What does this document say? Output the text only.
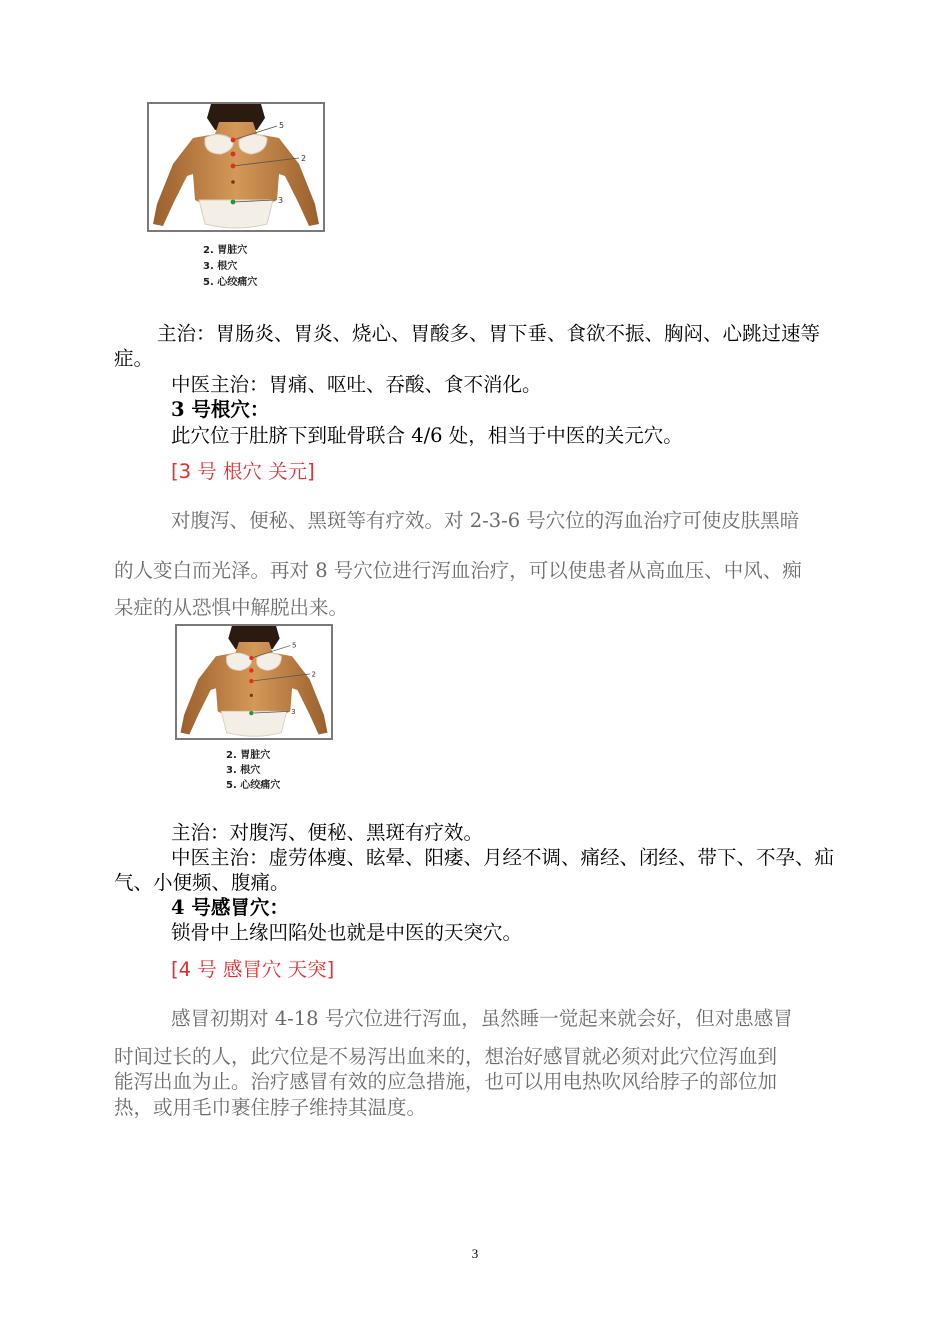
5
2
3
2. 胃脏穴
3. 根穴
5. 心绞痛穴
主治：胃肠炎、胃炎、烧心、胃酸多、胃下垂、食欲不振、胸闷、心跳过速等
症。
中医主治：胃痛、呕吐、吞酸、食不消化。
3 号根穴：
此穴位于肚脐下到耻骨联合 4/6 处，相当于中医的关元穴。
[3 号 根穴 关元]
对腹泻、便秘、黑斑等有疗效。对 2-3-6 号穴位的泻血治疗可使皮肤黑暗
的人变白而光泽。再对 8 号穴位进行泻血治疗，可以使患者从高血压、中风、痴
呆症的从恐惧中解脱出来。
5
2
3
2. 胃脏穴
3. 根穴
5. 心绞痛穴
主治：对腹泻、便秘、黑斑有疗效。
中医主治：虚劳体瘦、眩晕、阳痿、月经不调、痛经、闭经、带下、不孕、疝
气、小便频、腹痛。
4 号感冒穴：
锁骨中上缘凹陷处也就是中医的天突穴。
[4 号 感冒穴 天突]
感冒初期对 4-18 号穴位进行泻血，虽然睡一觉起来就会好，但对患感冒
时间过长的人，此穴位是不易泻出血来的，想治好感冒就必须对此穴位泻血到
能泻出血为止。治疗感冒有效的应急措施，也可以用电热吹风给脖子的部位加
热，或用毛巾裹住脖子维持其温度。
3
